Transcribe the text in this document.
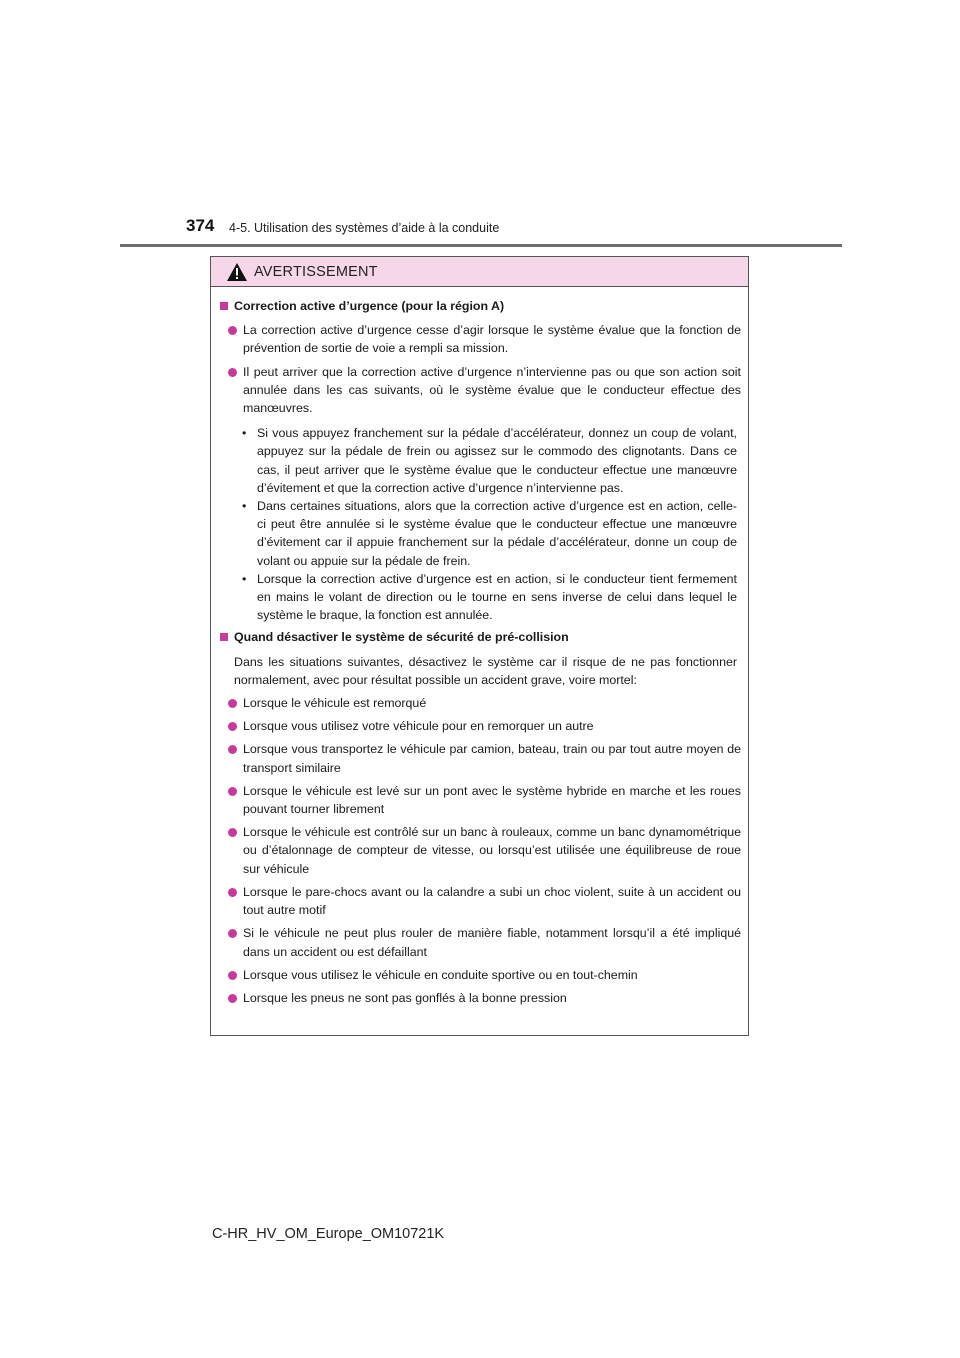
374 4-5. Utilisation des systèmes d’aide à la conduite
AVERTISSEMENT
Correction active d’urgence (pour la région A)
La correction active d’urgence cesse d’agir lorsque le système évalue que la fonction de prévention de sortie de voie a rempli sa mission.
Il peut arriver que la correction active d’urgence n’intervienne pas ou que son action soit annulée dans les cas suivants, où le système évalue que le conducteur effectue des manœuvres.
• Si vous appuyez franchement sur la pédale d’accélérateur, donnez un coup de volant, appuyez sur la pédale de frein ou agissez sur le commodo des clignotants. Dans ce cas, il peut arriver que le système évalue que le conducteur effectue une manœuvre d’évitement et que la correction active d’urgence n’intervienne pas.
• Dans certaines situations, alors que la correction active d’urgence est en action, celle-ci peut être annulée si le système évalue que le conducteur effectue une manœuvre d’évitement car il appuie franchement sur la pédale d’accélérateur, donne un coup de volant ou appuie sur la pédale de frein.
• Lorsque la correction active d’urgence est en action, si le conducteur tient fermement en mains le volant de direction ou le tourne en sens inverse de celui dans lequel le système le braque, la fonction est annulée.
Quand désactiver le système de sécurité de pré-collision
Dans les situations suivantes, désactivez le système car il risque de ne pas fonctionner normalement, avec pour résultat possible un accident grave, voire mortel:
Lorsque le véhicule est remorqué
Lorsque vous utilisez votre véhicule pour en remorquer un autre
Lorsque vous transportez le véhicule par camion, bateau, train ou par tout autre moyen de transport similaire
Lorsque le véhicule est levé sur un pont avec le système hybride en marche et les roues pouvant tourner librement
Lorsque le véhicule est contrôlé sur un banc à rouleaux, comme un banc dynamométrique ou d’étalonnage de compteur de vitesse, ou lorsqu’est utilisée une équilibreuse de roue sur véhicule
Lorsque le pare-chocs avant ou la calandre a subi un choc violent, suite à un accident ou tout autre motif
Si le véhicule ne peut plus rouler de manière fiable, notamment lorsqu’il a été impliqué dans un accident ou est défaillant
Lorsque vous utilisez le véhicule en conduite sportive ou en tout-chemin
Lorsque les pneus ne sont pas gonflés à la bonne pression
C-HR_HV_OM_Europe_OM10721K
